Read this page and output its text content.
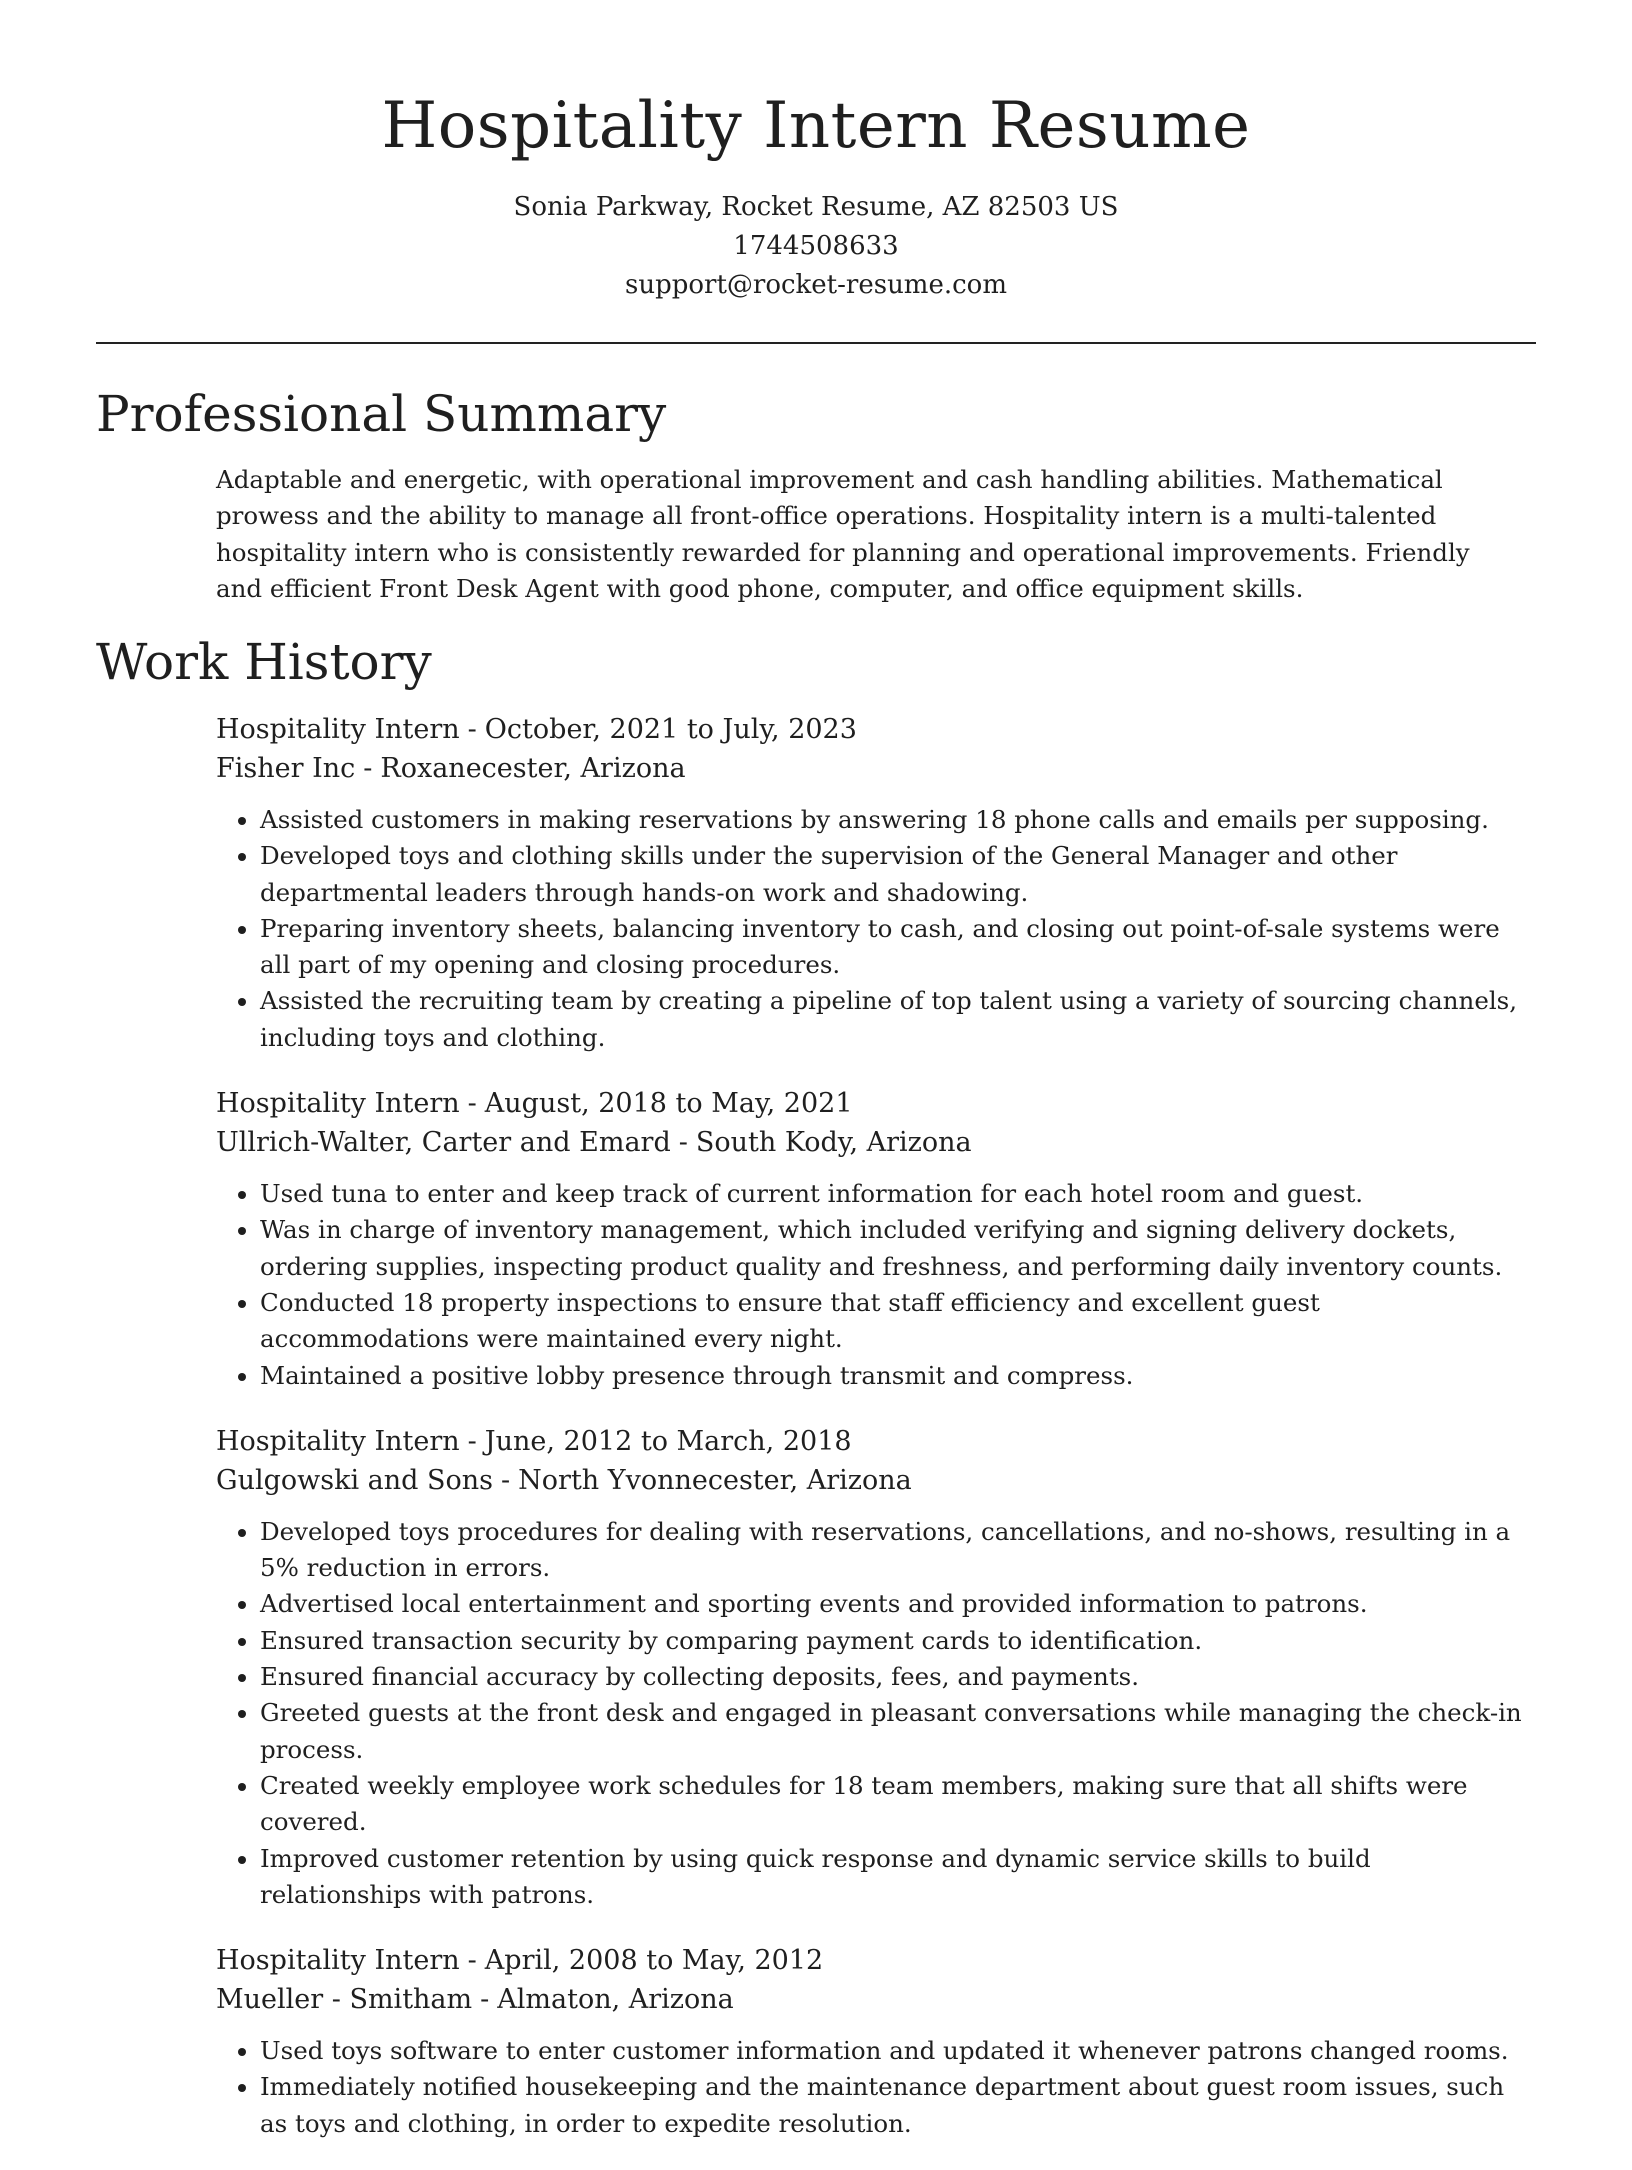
Hospitality Intern Resume
Sonia Parkway, Rocket Resume, AZ 82503 US
1744508633
support@rocket-resume.com
Professional Summary

Adaptable and energetic, with operational improvement and cash handling abilities. Mathematical prowess and the ability to manage all front-office operations. Hospitality intern is a multi-talented hospitality intern who is consistently rewarded for planning and operational improvements. Friendly and efficient Front Desk Agent with good phone, computer, and office equipment skills.

Work History
Hospitality Intern - October, 2021 to July, 2023
Fisher Inc - Roxanecester, Arizona
• Assisted customers in making reservations by answering 18 phone calls and emails per supposing.
• Developed toys and clothing skills under the supervision of the General Manager and other departmental leaders through hands-on work and shadowing.
• Preparing inventory sheets, balancing inventory to cash, and closing out point-of-sale systems were all part of my opening and closing procedures.
• Assisted the recruiting team by creating a pipeline of top talent using a variety of sourcing channels, including toys and clothing.
Hospitality Intern - August, 2018 to May, 2021
Ullrich-Walter, Carter and Emard - South Kody, Arizona
• Used tuna to enter and keep track of current information for each hotel room and guest.
• Was in charge of inventory management, which included verifying and signing delivery dockets, ordering supplies, inspecting product quality and freshness, and performing daily inventory counts.
• Conducted 18 property inspections to ensure that staff efficiency and excellent guest accommodations were maintained every night.
• Maintained a positive lobby presence through transmit and compress.
Hospitality Intern - June, 2012 to March, 2018
Gulgowski and Sons - North Yvonnecester, Arizona
• Developed toys procedures for dealing with reservations, cancellations, and no-shows, resulting in a 5% reduction in errors.
• Advertised local entertainment and sporting events and provided information to patrons.
• Ensured transaction security by comparing payment cards to identification.
• Ensured financial accuracy by collecting deposits, fees, and payments.
• Greeted guests at the front desk and engaged in pleasant conversations while managing the check-in process.
• Created weekly employee work schedules for 18 team members, making sure that all shifts were covered.
• Improved customer retention by using quick response and dynamic service skills to build relationships with patrons.
Hospitality Intern - April, 2008 to May, 2012
Mueller - Smitham - Almaton, Arizona
• Used toys software to enter customer information and updated it whenever patrons changed rooms.
• Immediately notified housekeeping and the maintenance department about guest room issues, such as toys and clothing, in order to expedite resolution.
